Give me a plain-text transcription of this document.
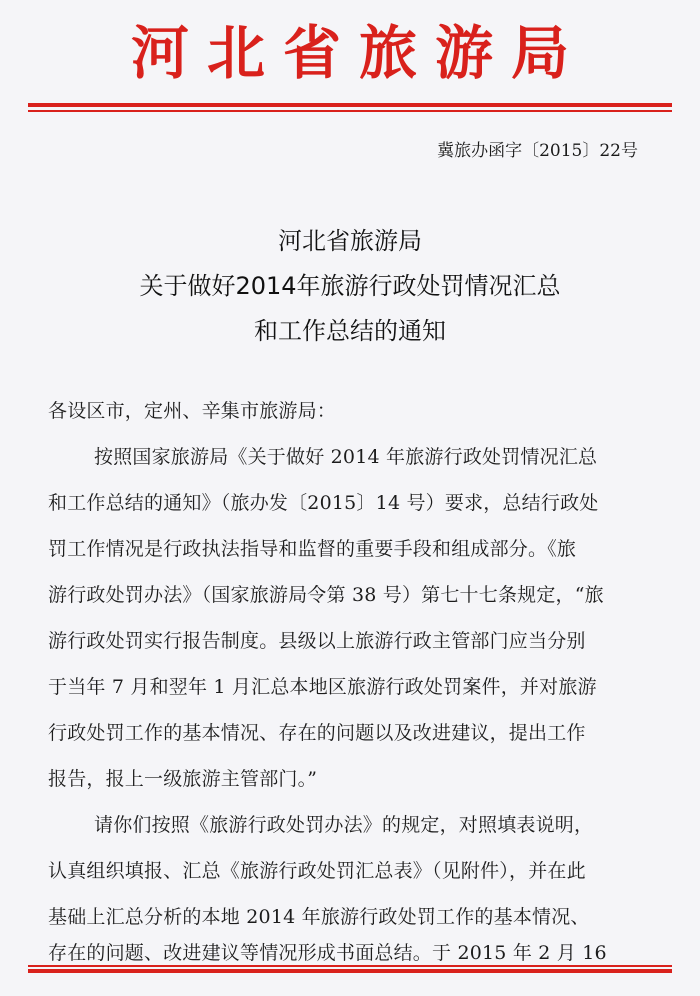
河北省旅游局
冀旅办函字〔2015〕22号
河北省旅游局
关于做好2014年旅游行政处罚情况汇总
和工作总结的通知
各设区市，定州、辛集市旅游局：
按照国家旅游局《关于做好 2014 年旅游行政处罚情况汇总
和工作总结的通知》（旅办发〔2015〕14 号）要求，总结行政处
罚工作情况是行政执法指导和监督的重要手段和组成部分。《旅
游行政处罚办法》（国家旅游局令第 38 号）第七十七条规定，“旅
游行政处罚实行报告制度。县级以上旅游行政主管部门应当分别
于当年 7 月和翌年 1 月汇总本地区旅游行政处罚案件，并对旅游
行政处罚工作的基本情况、存在的问题以及改进建议，提出工作
报告，报上一级旅游主管部门。”
请你们按照《旅游行政处罚办法》的规定，对照填表说明，
认真组织填报、汇总《旅游行政处罚汇总表》（见附件），并在此
基础上汇总分析的本地 2014 年旅游行政处罚工作的基本情况、
存在的问题、改进建议等情况形成书面总结。于 2015 年 2 月 16
